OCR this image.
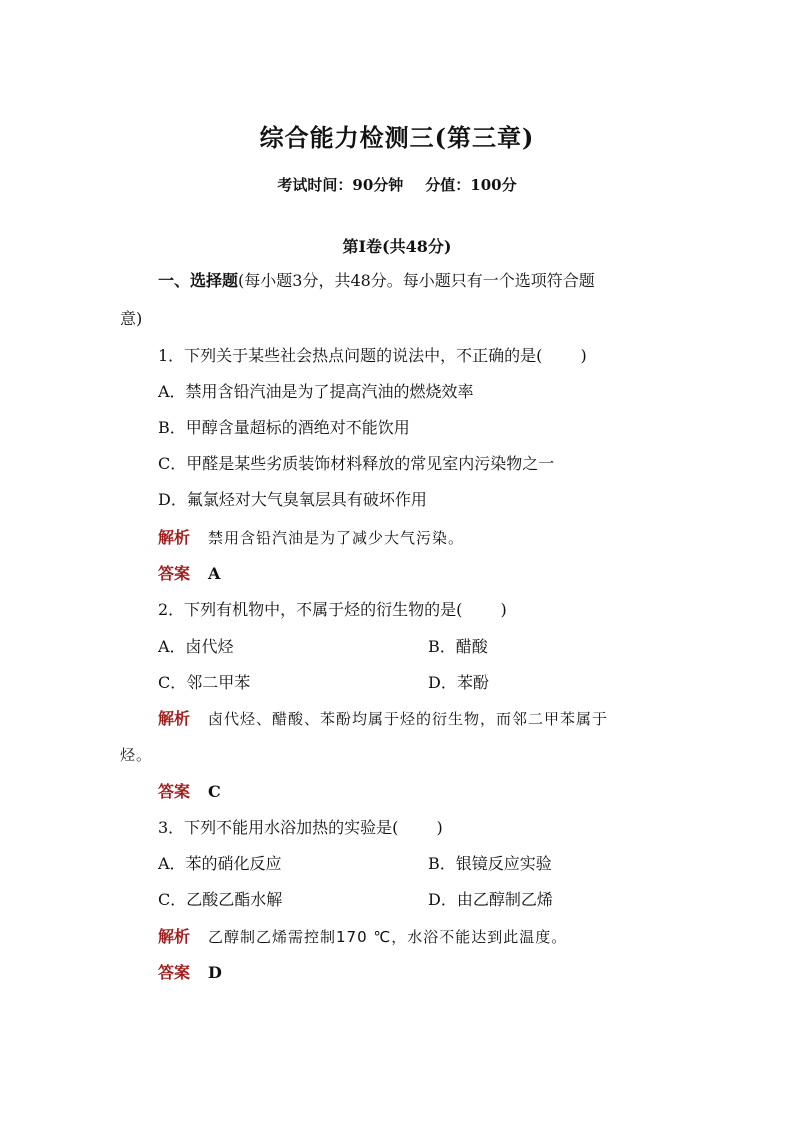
综合能力检测三(第三章)
考试时间：90分钟 分值：100分
第Ⅰ卷(共48分)
一、选择题(每小题3分，共48分。每小题只有一个选项符合题
意)
1．下列关于某些社会热点问题的说法中，不正确的是( )
A．禁用含铅汽油是为了提高汽油的燃烧效率
B．甲醇含量超标的酒绝对不能饮用
C．甲醛是某些劣质装饰材料释放的常见室内污染物之一
D．氟氯烃对大气臭氧层具有破坏作用
解析 禁用含铅汽油是为了减少大气污染。
答案 A
2．下列有机物中，不属于烃的衍生物的是( )
A．卤代烃	B．醋酸
C．邻二甲苯	D．苯酚
解析 卤代烃、醋酸、苯酚均属于烃的衍生物，而邻二甲苯属于
烃。
答案 C
3．下列不能用水浴加热的实验是( )
A．苯的硝化反应	B．银镜反应实验
C．乙酸乙酯水解	D．由乙醇制乙烯
解析 乙醇制乙烯需控制170 ℃，水浴不能达到此温度。
答案 D
